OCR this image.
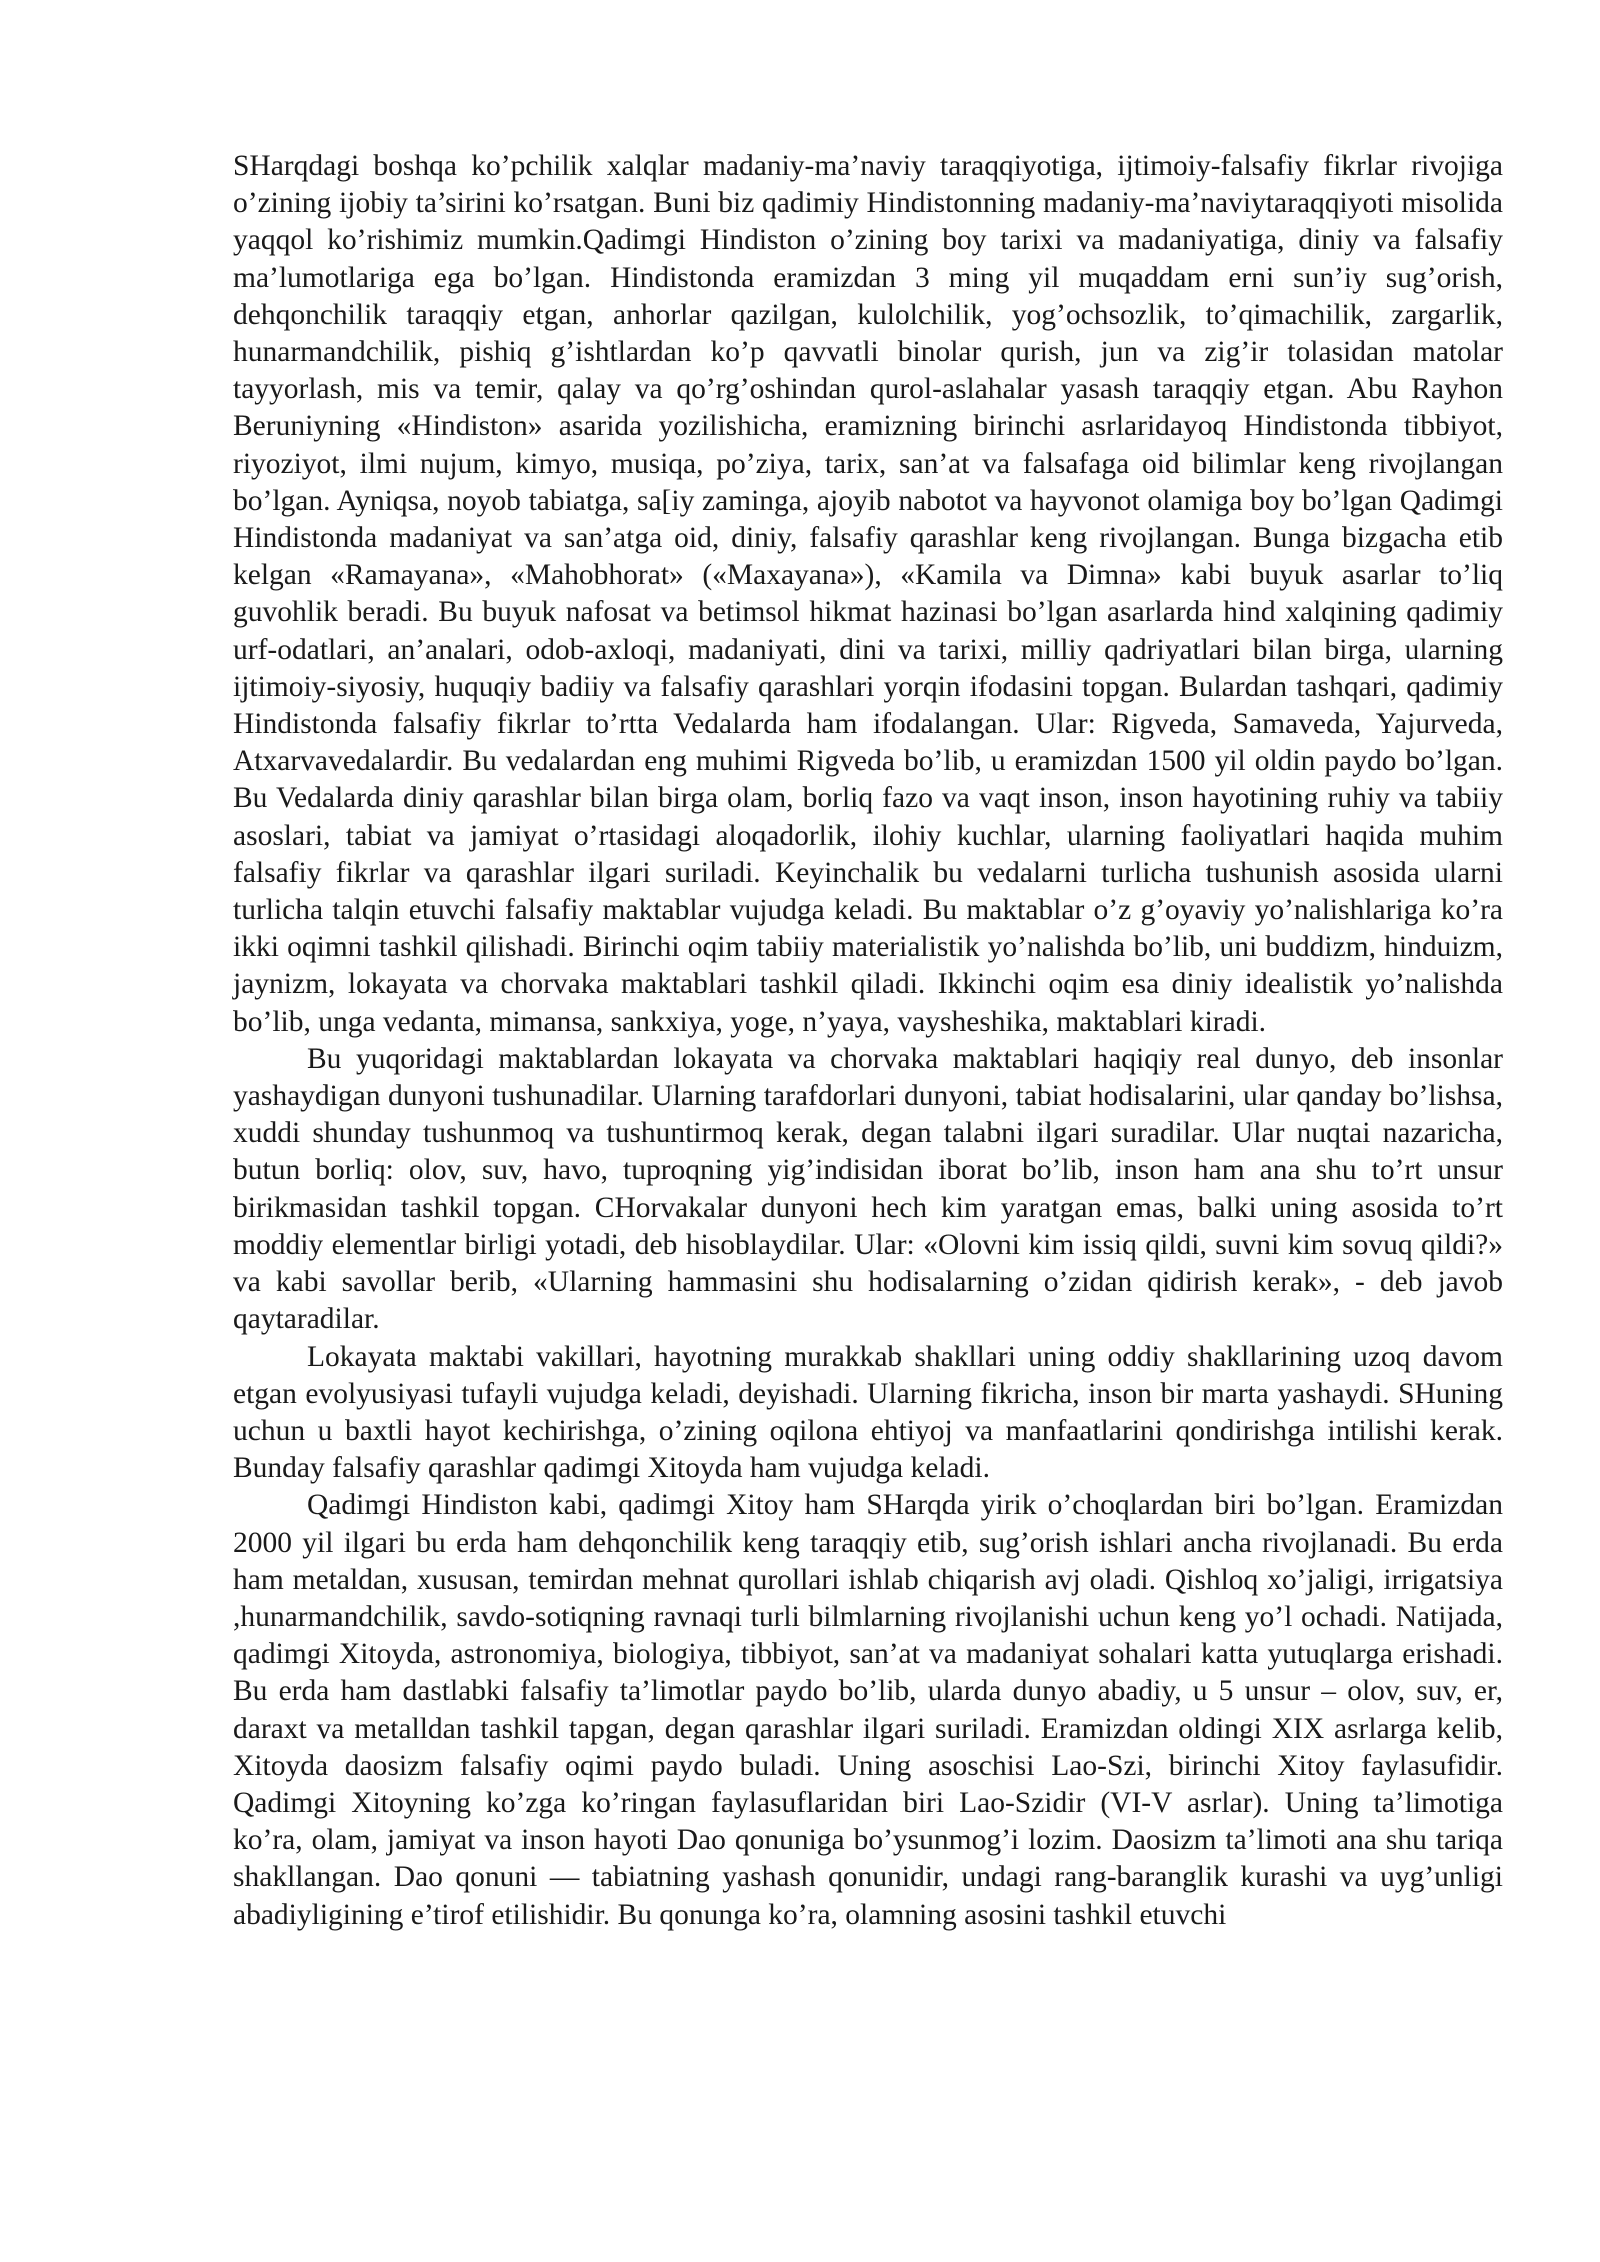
SHarqdagi boshqa ko’pchilik xalqlar madaniy-ma’naviy taraqqiyotiga, ijtimoiy-falsafiy fikrlar rivojiga o’zining ijobiy ta’sirini ko’rsatgan. Buni biz qadimiy Hindistonning madaniy-ma’naviytaraqqiyoti misolida yaqqol ko’rishimiz mumkin.Qadimgi Hindiston o’zining boy tarixi va madaniyatiga, diniy va falsafiy ma’lumotlariga ega bo’lgan. Hindistonda eramizdan 3 ming yil muqaddam erni sun’iy sug’orish, dehqonchilik taraqqiy etgan, anhorlar qazilgan, kulolchilik, yog’ochsozlik, to’qimachilik, zargarlik, hunarmandchilik, pishiq g’ishtlardan ko’p qavvatli binolar qurish, jun va zig’ir tolasidan matolar tayyorlash, mis va temir, qalay va qo’rg’oshindan qurol-aslahalar yasash taraqqiy etgan. Abu Rayhon Beruniyning «Hindiston» asarida yozilishicha, eramizning birinchi asrlaridayoq Hindistonda tibbiyot, riyoziyot, ilmi nujum, kimyo, musiqa, po’ziya, tarix, san’at va falsafaga oid bilimlar keng rivojlangan bo’lgan. Ayniqsa, noyob tabiatga, sa[iy zaminga, ajoyib nabotot va hayvonot olamiga boy bo’lgan Qadimgi Hindistonda madaniyat va san’atga oid, diniy, falsafiy qarashlar keng rivojlangan. Bunga bizgacha etib kelgan «Ramayana», «Mahobhorat» («Maxayana»), «Kamila va Dimna» kabi buyuk asarlar to’liq guvohlik beradi. Bu buyuk nafosat va betimsol hikmat hazinasi bo’lgan asarlarda hind xalqining qadimiy urf-odatlari, an’analari, odob-axloqi, madaniyati, dini va tarixi, milliy qadriyatlari bilan birga, ularning ijtimoiy-siyosiy, huquqiy badiiy va falsafiy qarashlari yorqin ifodasini topgan. Bulardan tashqari, qadimiy Hindistonda falsafiy fikrlar to’rtta Vedalarda ham ifodalangan. Ular: Rigveda, Samaveda, Yajurveda, Atxarvavedalardir. Bu vedalardan eng muhimi Rigveda bo’lib, u eramizdan 1500 yil oldin paydo bo’lgan. Bu Vedalarda diniy qarashlar bilan birga olam, borliq fazo va vaqt inson, inson hayotining ruhiy va tabiiy asoslari, tabiat va jamiyat o’rtasidagi aloqadorlik, ilohiy kuchlar, ularning faoliyatlari haqida muhim falsafiy fikrlar va qarashlar ilgari suriladi. Keyinchalik bu vedalarni turlicha tushunish asosida ularni turlicha talqin etuvchi falsafiy maktablar vujudga keladi. Bu maktablar o’z g’oyaviy yo’nalishlariga ko’ra ikki oqimni tashkil qilishadi. Birinchi oqim tabiiy materialistik yo’nalishda bo’lib, uni buddizm, hinduizm, jaynizm, lokayata va chorvaka maktablari tashkil qiladi. Ikkinchi oqim esa diniy idealistik yo’nalishda bo’lib, unga vedanta, mimansa, sankxiya, yoge, n’yaya, vaysheshika, maktablari kiradi.

Bu yuqoridagi maktablardan lokayata va chorvaka maktablari haqiqiy real dunyo, deb insonlar yashaydigan dunyoni tushunadilar. Ularning tarafdorlari dunyoni, tabiat hodisalarini, ular qanday bo’lishsa, xuddi shunday tushunmoq va tushuntirmoq kerak, degan talabni ilgari suradilar. Ular nuqtai nazaricha, butun borliq: olov, suv, havo, tuproqning yig’indisidan iborat bo’lib, inson ham ana shu to’rt unsur birikmasidan tashkil topgan. CHorvakalar dunyoni hech kim yaratgan emas, balki uning asosida to’rt moddiy elementlar birligi yotadi, deb hisoblaydilar. Ular: «Olovni kim issiq qildi, suvni kim sovuq qildi?» va kabi savollar berib, «Ularning hammasini shu hodisalarning o’zidan qidirish kerak», - deb javob qaytaradilar.

Lokayata maktabi vakillari, hayotning murakkab shakllari uning oddiy shakllarining uzoq davom etgan evolyusiyasi tufayli vujudga keladi, deyishadi. Ularning fikricha, inson bir marta yashaydi. SHuning uchun u baxtli hayot kechirishga, o’zining oqilona ehtiyoj va manfaatlarini qondirishga intilishi kerak. Bunday falsafiy qarashlar qadimgi Xitoyda ham vujudga keladi.

Qadimgi Hindiston kabi, qadimgi Xitoy ham SHarqda yirik o’choqlardan biri bo’lgan. Eramizdan 2000 yil ilgari bu erda ham dehqonchilik keng taraqqiy etib, sug’orish ishlari ancha rivojlanadi. Bu erda ham metaldan, xususan, temirdan mehnat qurollari ishlab chiqarish avj oladi. Qishloq xo’jaligi, irrigatsiya ,hunarmandchilik, savdo-sotiqning ravnaqi turli bilmlarning rivojlanishi uchun keng yo’l ochadi. Natijada, qadimgi Xitoyda, astronomiya, biologiya, tibbiyot, san’at va madaniyat sohalari katta yutuqlarga erishadi. Bu erda ham dastlabki falsafiy ta’limotlar paydo bo’lib, ularda dunyo abadiy, u 5 unsur – olov, suv, er, daraxt va metalldan tashkil tapgan, degan qarashlar ilgari suriladi. Eramizdan oldingi XIX asrlarga kelib, Xitoyda daosizm falsafiy oqimi paydo buladi. Uning asoschisi Lao-Szi, birinchi Xitoy faylasufidir. Qadimgi Xitoyning ko’zga ko’ringan faylasuflaridan biri Lao-Szidir (VI-V asrlar). Uning ta’limotiga ko’ra, olam, jamiyat va inson hayoti Dao qonuniga bo’ysunmog’i lozim. Daosizm ta’limoti ana shu tariqa shakllangan. Dao qonuni — tabiatning yashash qonunidir, undagi rang-baranglik kurashi va uyg’unligi abadiyligining e’tirof etilishidir. Bu qonunga ko’ra, olamning asosini tashkil etuvchi
